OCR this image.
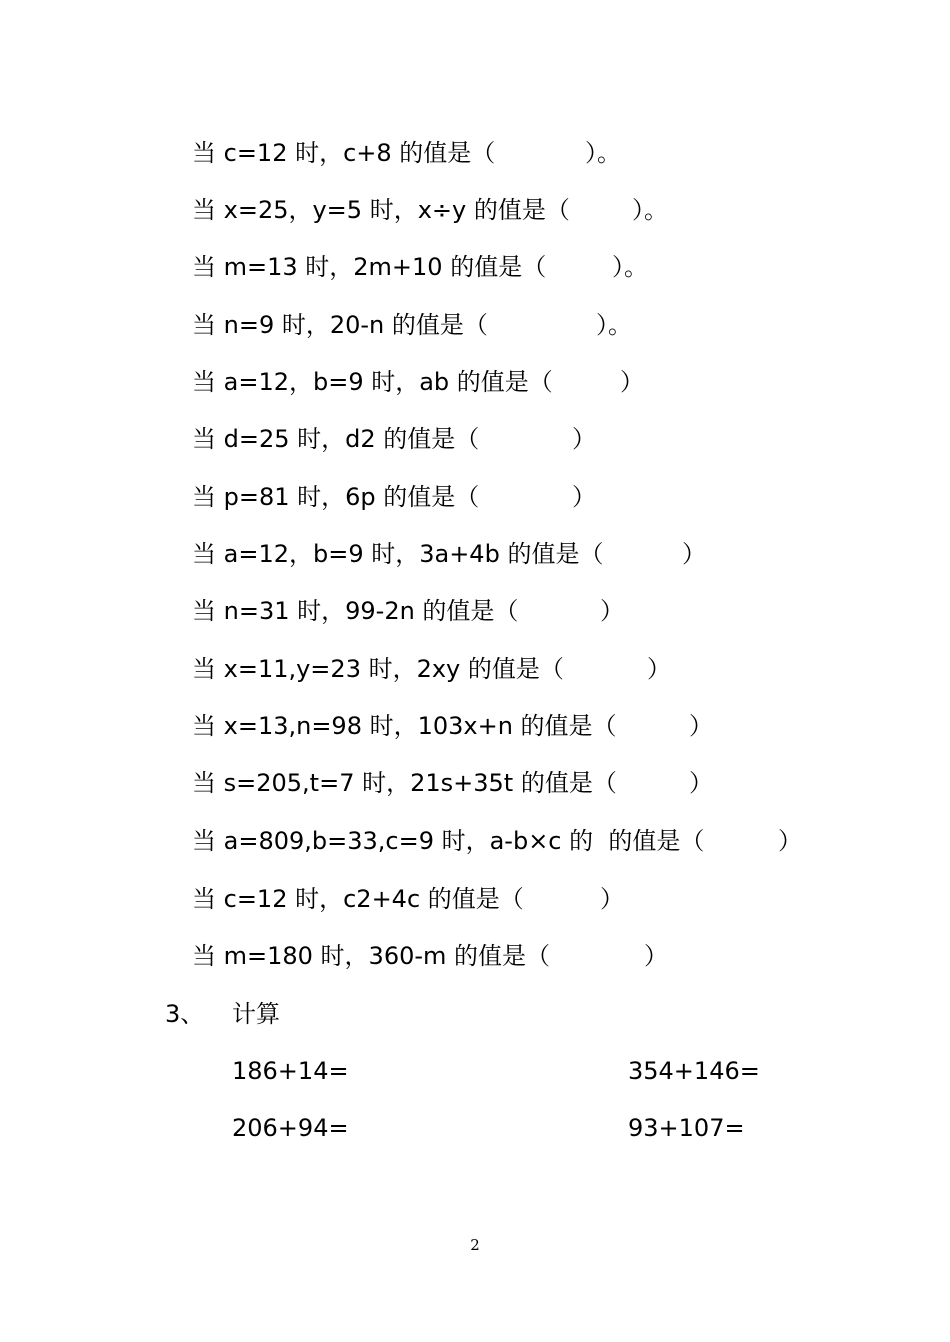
当 c=12 时，c+8 的值是（	）。
当 x=25，y=5 时，x÷y 的值是（	）。
当 m=13 时，2m+10 的值是（	）。
当 n=9 时，20-n 的值是（	）。
当 a=12，b=9 时，ab 的值是（	）
当 d=25 时，d2 的值是（	）
当 p=81 时，6p 的值是（	）
当 a=12，b=9 时，3a+4b 的值是（	）
当 n=31 时，99-2n 的值是（	）
当 x=11,y=23 时，2xy 的值是（	）
当 x=13,n=98 时，103x+n 的值是（	）
当 s=205,t=7 时，21s+35t 的值是（	）
当 a=809,b=33,c=9 时，a-b×c 的  的值是（	）
当 c=12 时，c2+4c 的值是（	）
当 m=180 时，360-m 的值是（	）
3、 计算
186+14=	354+146=
206+94=	93+107=
2
